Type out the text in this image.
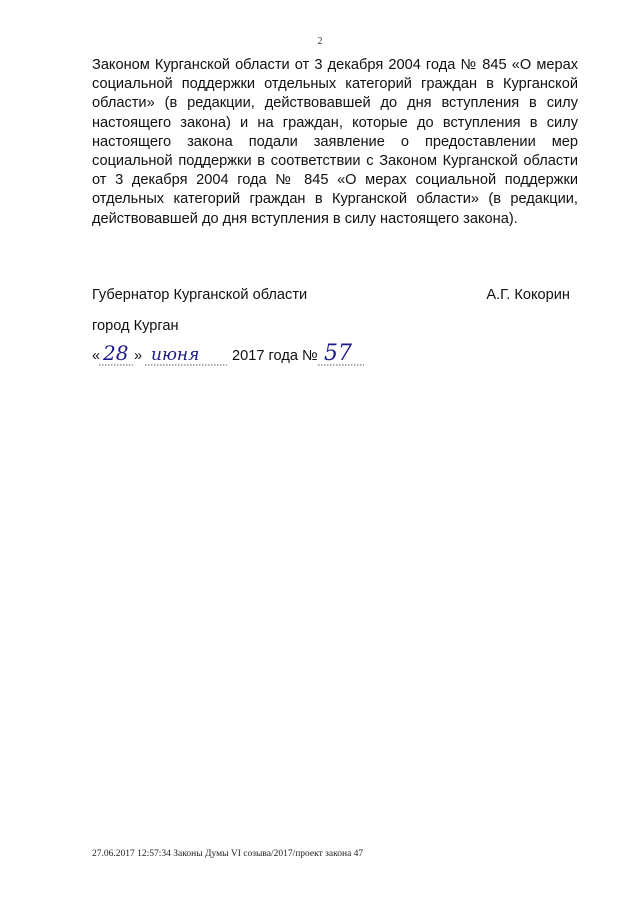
2
Законом Курганской области от 3 декабря 2004 года № 845 «О мерах социальной поддержки отдельных категорий граждан в Курганской области» (в редакции, действовавшей до дня вступления в силу настоящего закона) и на граждан, которые до вступления в силу настоящего закона подали заявление о предоставлении мер социальной поддержки в соответствии с Законом Курганской области от 3 декабря 2004 года № 845 «О мерах социальной поддержки отдельных категорий граждан в Курганской области» (в редакции, действовавшей до дня вступления в силу настоящего закона).
Губернатор Курганской области	А.Г. Кокорин
город Курган
« 28 » июня 2017 года № 57
27.06.2017 12:57:34 Законы Думы VI созыва/2017/проект закона 47
